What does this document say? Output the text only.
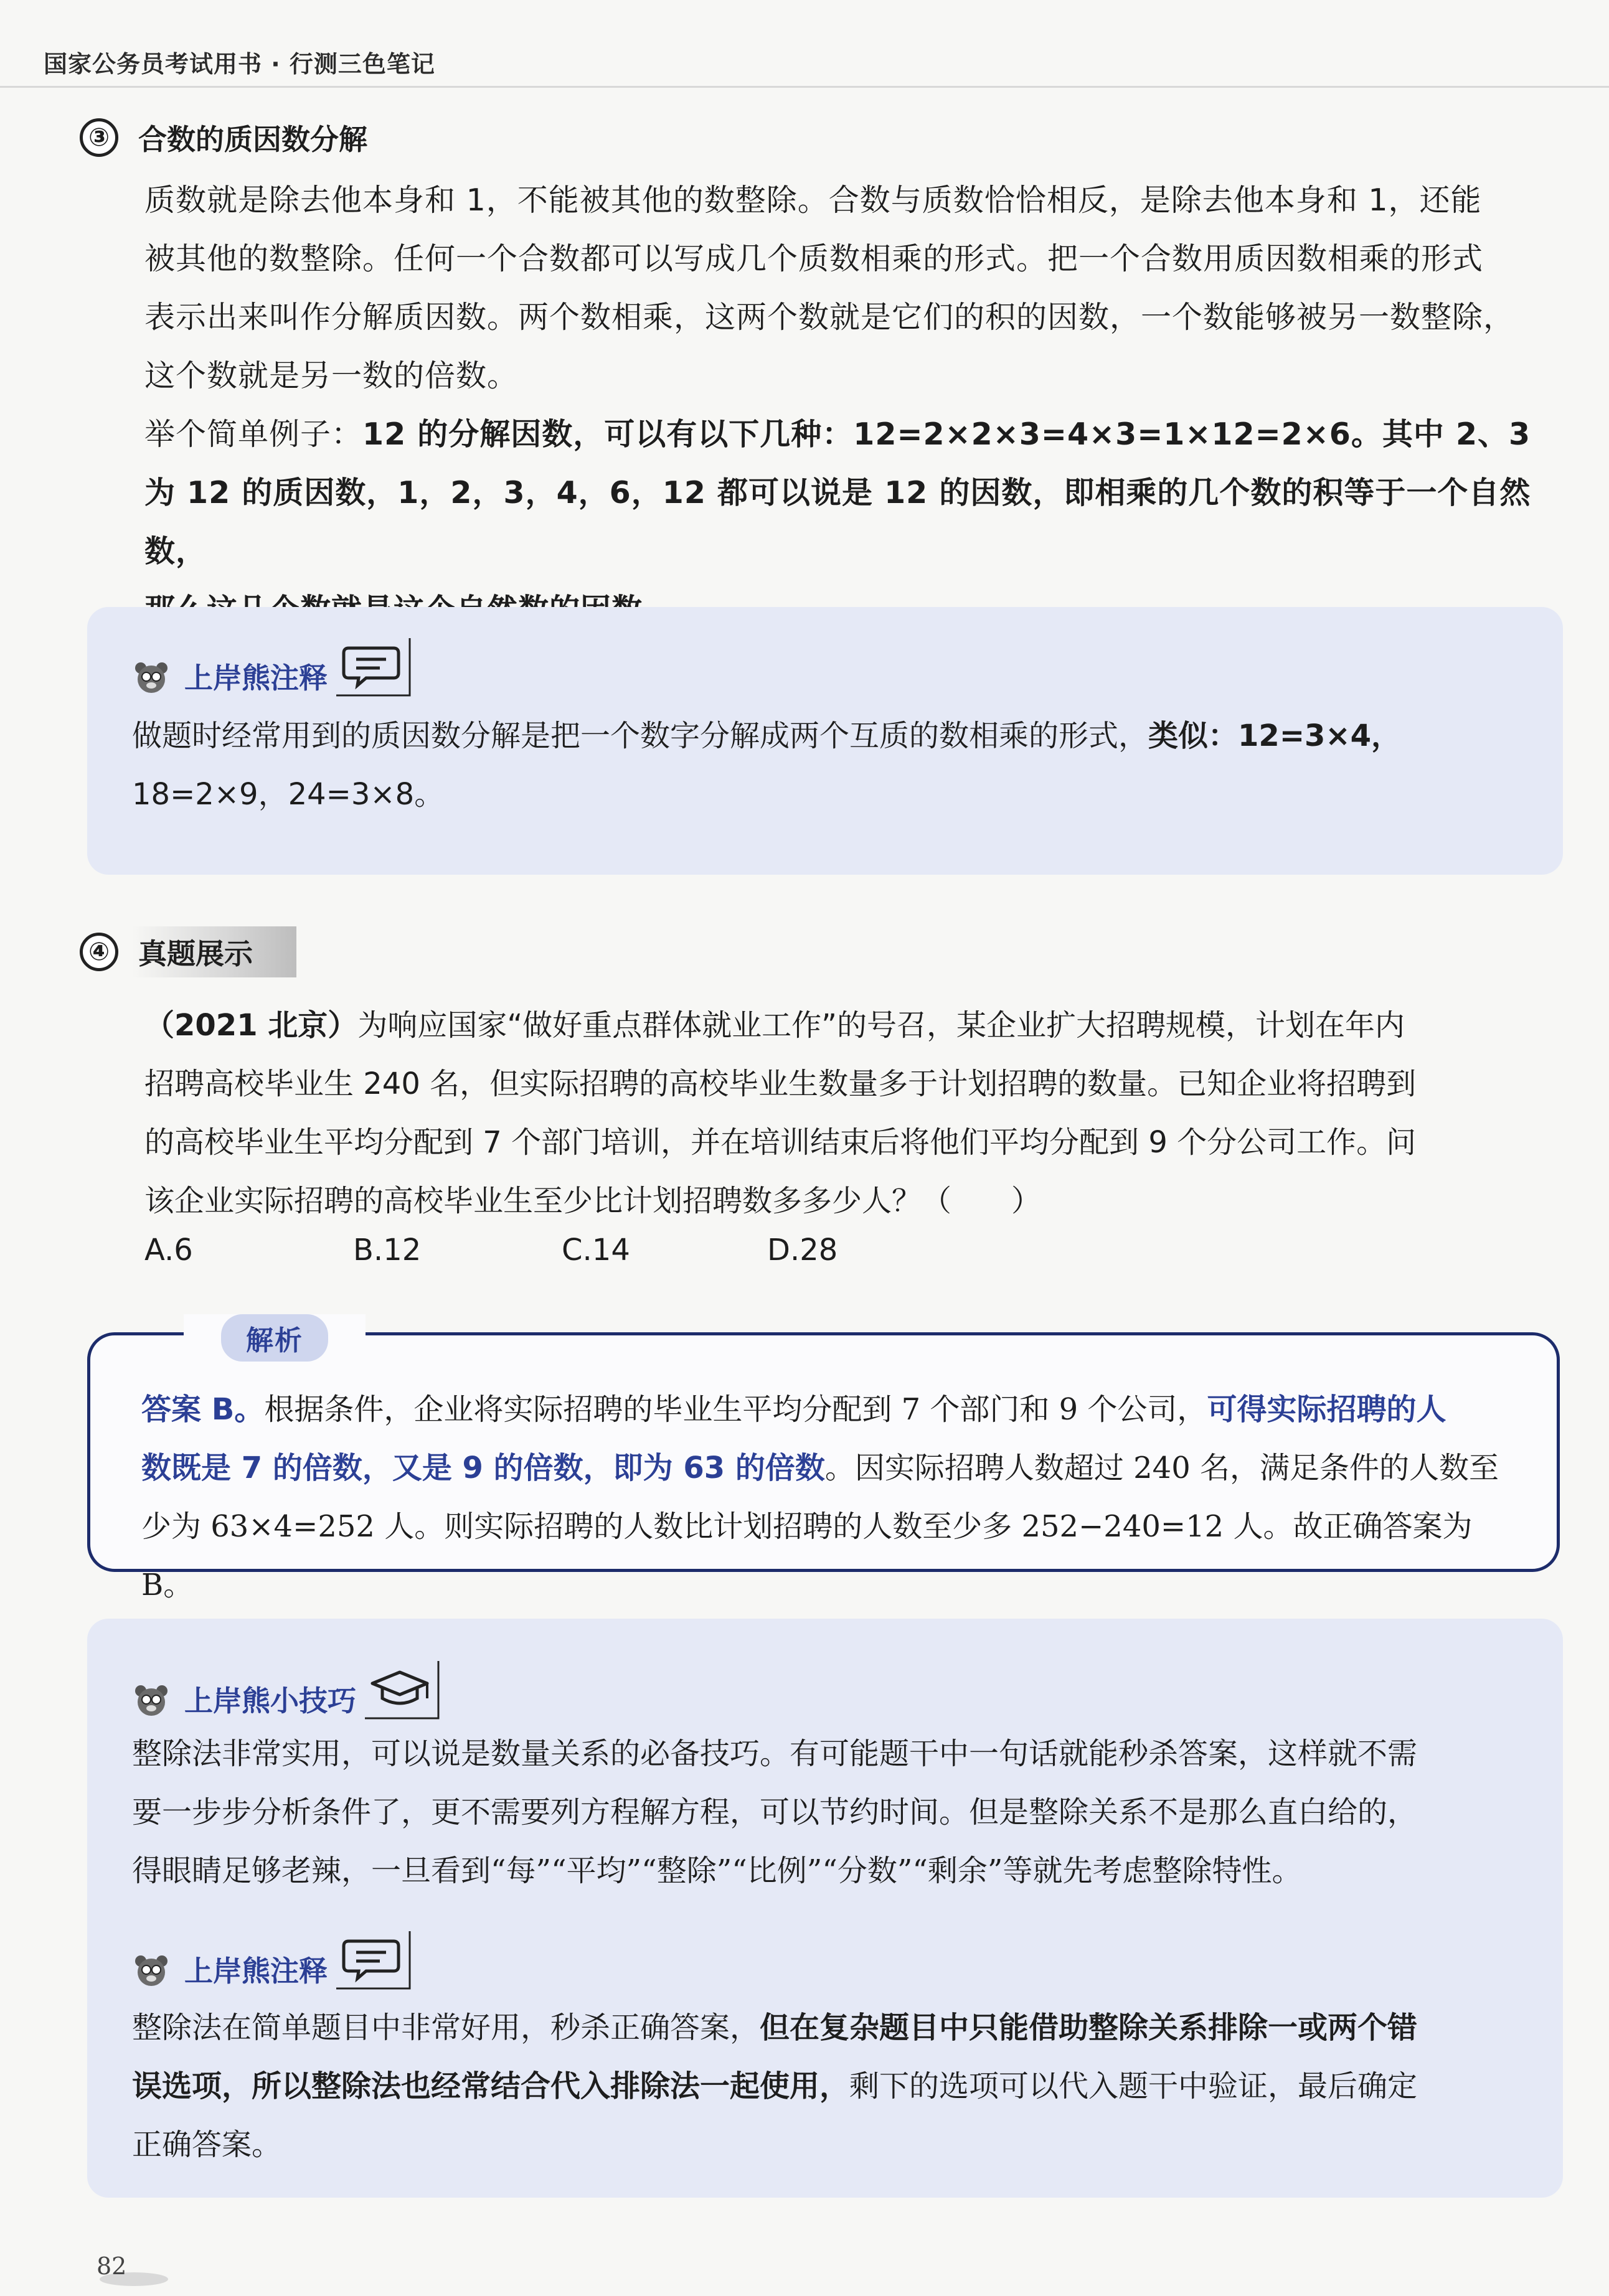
国家公务员考试用书 · 行测三色笔记
③	合数的质因数分解

质数就是除去他本身和 1，不能被其他的数整除。合数与质数恰恰相反，是除去他本身和 1，还能

被其他的数整除。任何一个合数都可以写成几个质数相乘的形式。把一个合数用质因数相乘的形式

表示出来叫作分解质因数。两个数相乘，这两个数就是它们的积的因数，一个数能够被另一数整除，

这个数就是另一数的倍数。

举个简单例子：12 的分解因数，可以有以下几种：12=2×2×3=4×3=1×12=2×6。其中 2、3

为 12 的质因数，1，2，3，4，6，12 都可以说是 12 的因数，即相乘的几个数的积等于一个自然数，

上岸熊注释

做题时经常用到的质因数分解是把一个数字分解成两个互质的数相乘的形式，类似：12=3×4，

18=2×9，24=3×8。

④	真题展示

（2021 北京）为响应国家“做好重点群体就业工作”的号召，某企业扩大招聘规模，计划在年内

招聘高校毕业生 240 名，但实际招聘的高校毕业生数量多于计划招聘的数量。已知企业将招聘到

的高校毕业生平均分配到 7 个部门培训，并在培训结束后将他们平均分配到 9 个分公司工作。问

该企业实际招聘的高校毕业生至少比计划招聘数多多少人？（　　）

A.6	B.12	C.14	D.28
解析

答案 B。根据条件，企业将实际招聘的毕业生平均分配到 7 个部门和 9 个公司，可得实际招聘的人

数既是 7 的倍数，又是 9 的倍数，即为 63 的倍数。因实际招聘人数超过 240 名，满足条件的人数至

少为 63×4=252 人。则实际招聘的人数比计划招聘的人数至少多 252−240=12 人。故正确答案为 B。

上岸熊小技巧

整除法非常实用，可以说是数量关系的必备技巧。有可能题干中一句话就能秒杀答案，这样就不需

要一步步分析条件了，更不需要列方程解方程，可以节约时间。但是整除关系不是那么直白给的，

得眼睛足够老辣，一旦看到“每”“平均”“整除”“比例”“分数”“剩余”等就先考虑整除特性。

上岸熊注释

整除法在简单题目中非常好用，秒杀正确答案，但在复杂题目中只能借助整除关系排除一或两个错

误选项，所以整除法也经常结合代入排除法一起使用，剩下的选项可以代入题干中验证，最后确定

正确答案。

82
